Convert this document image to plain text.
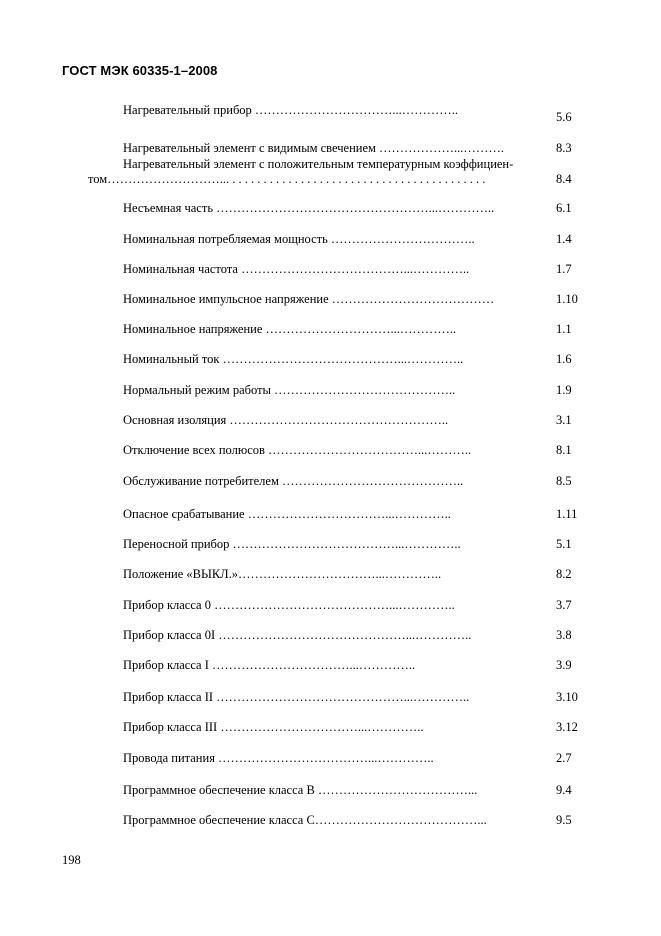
ГОСТ МЭК 60335-1–2008
Нагревательный прибор ……………………………...…………..	5.6
Нагревательный элемент с видимым свечением ………………...……….	8.3
Нагревательный элемент с положительным температурным коэффициен-
том………………………... . . . . . . . . . . . . . . . . . . . . . . . . . . . . . . . . . . . . . . . . .	8.4
Несъемная часть ……………………………………………...…………..	6.1
Номинальная потребляемая мощность ……………………………..	1.4
Номинальная частота …………………………………...…………..	1.7
Номинальное импульсное напряжение …………………………………	1.10
Номинальное напряжение …………………………...…………..	1.1
Номинальный ток ……………………………………...…………..	1.6
Нормальный режим работы ……………………………………..	1.9
Основная изоляция ……………………………………………..	3.1
Отключение всех полюсов ………………………………...………..	8.1
Обслуживание потребителем ……………………………………..	8.5
Опасное срабатывание ……………………………...…………..	1.11
Переносной прибор …………………………………...…………..	5.1
Положение «ВЫКЛ.»……………………………...…………..	8.2
Прибор класса 0 ……………………………………...…………..	3.7
Прибор класса 0I ………………………………………...…………..	3.8
Прибор класса I ……………………………...…………..	3.9
Прибор класса II ………………………………………...…………..	3.10
Прибор класса III ……………………………...…………..	3.12
Провода питания ………………………………...…………..	2.7
Программное обеспечение класса В ………………………………...	9.4
Программное обеспечение класса С…………………………………...	9.5
198
